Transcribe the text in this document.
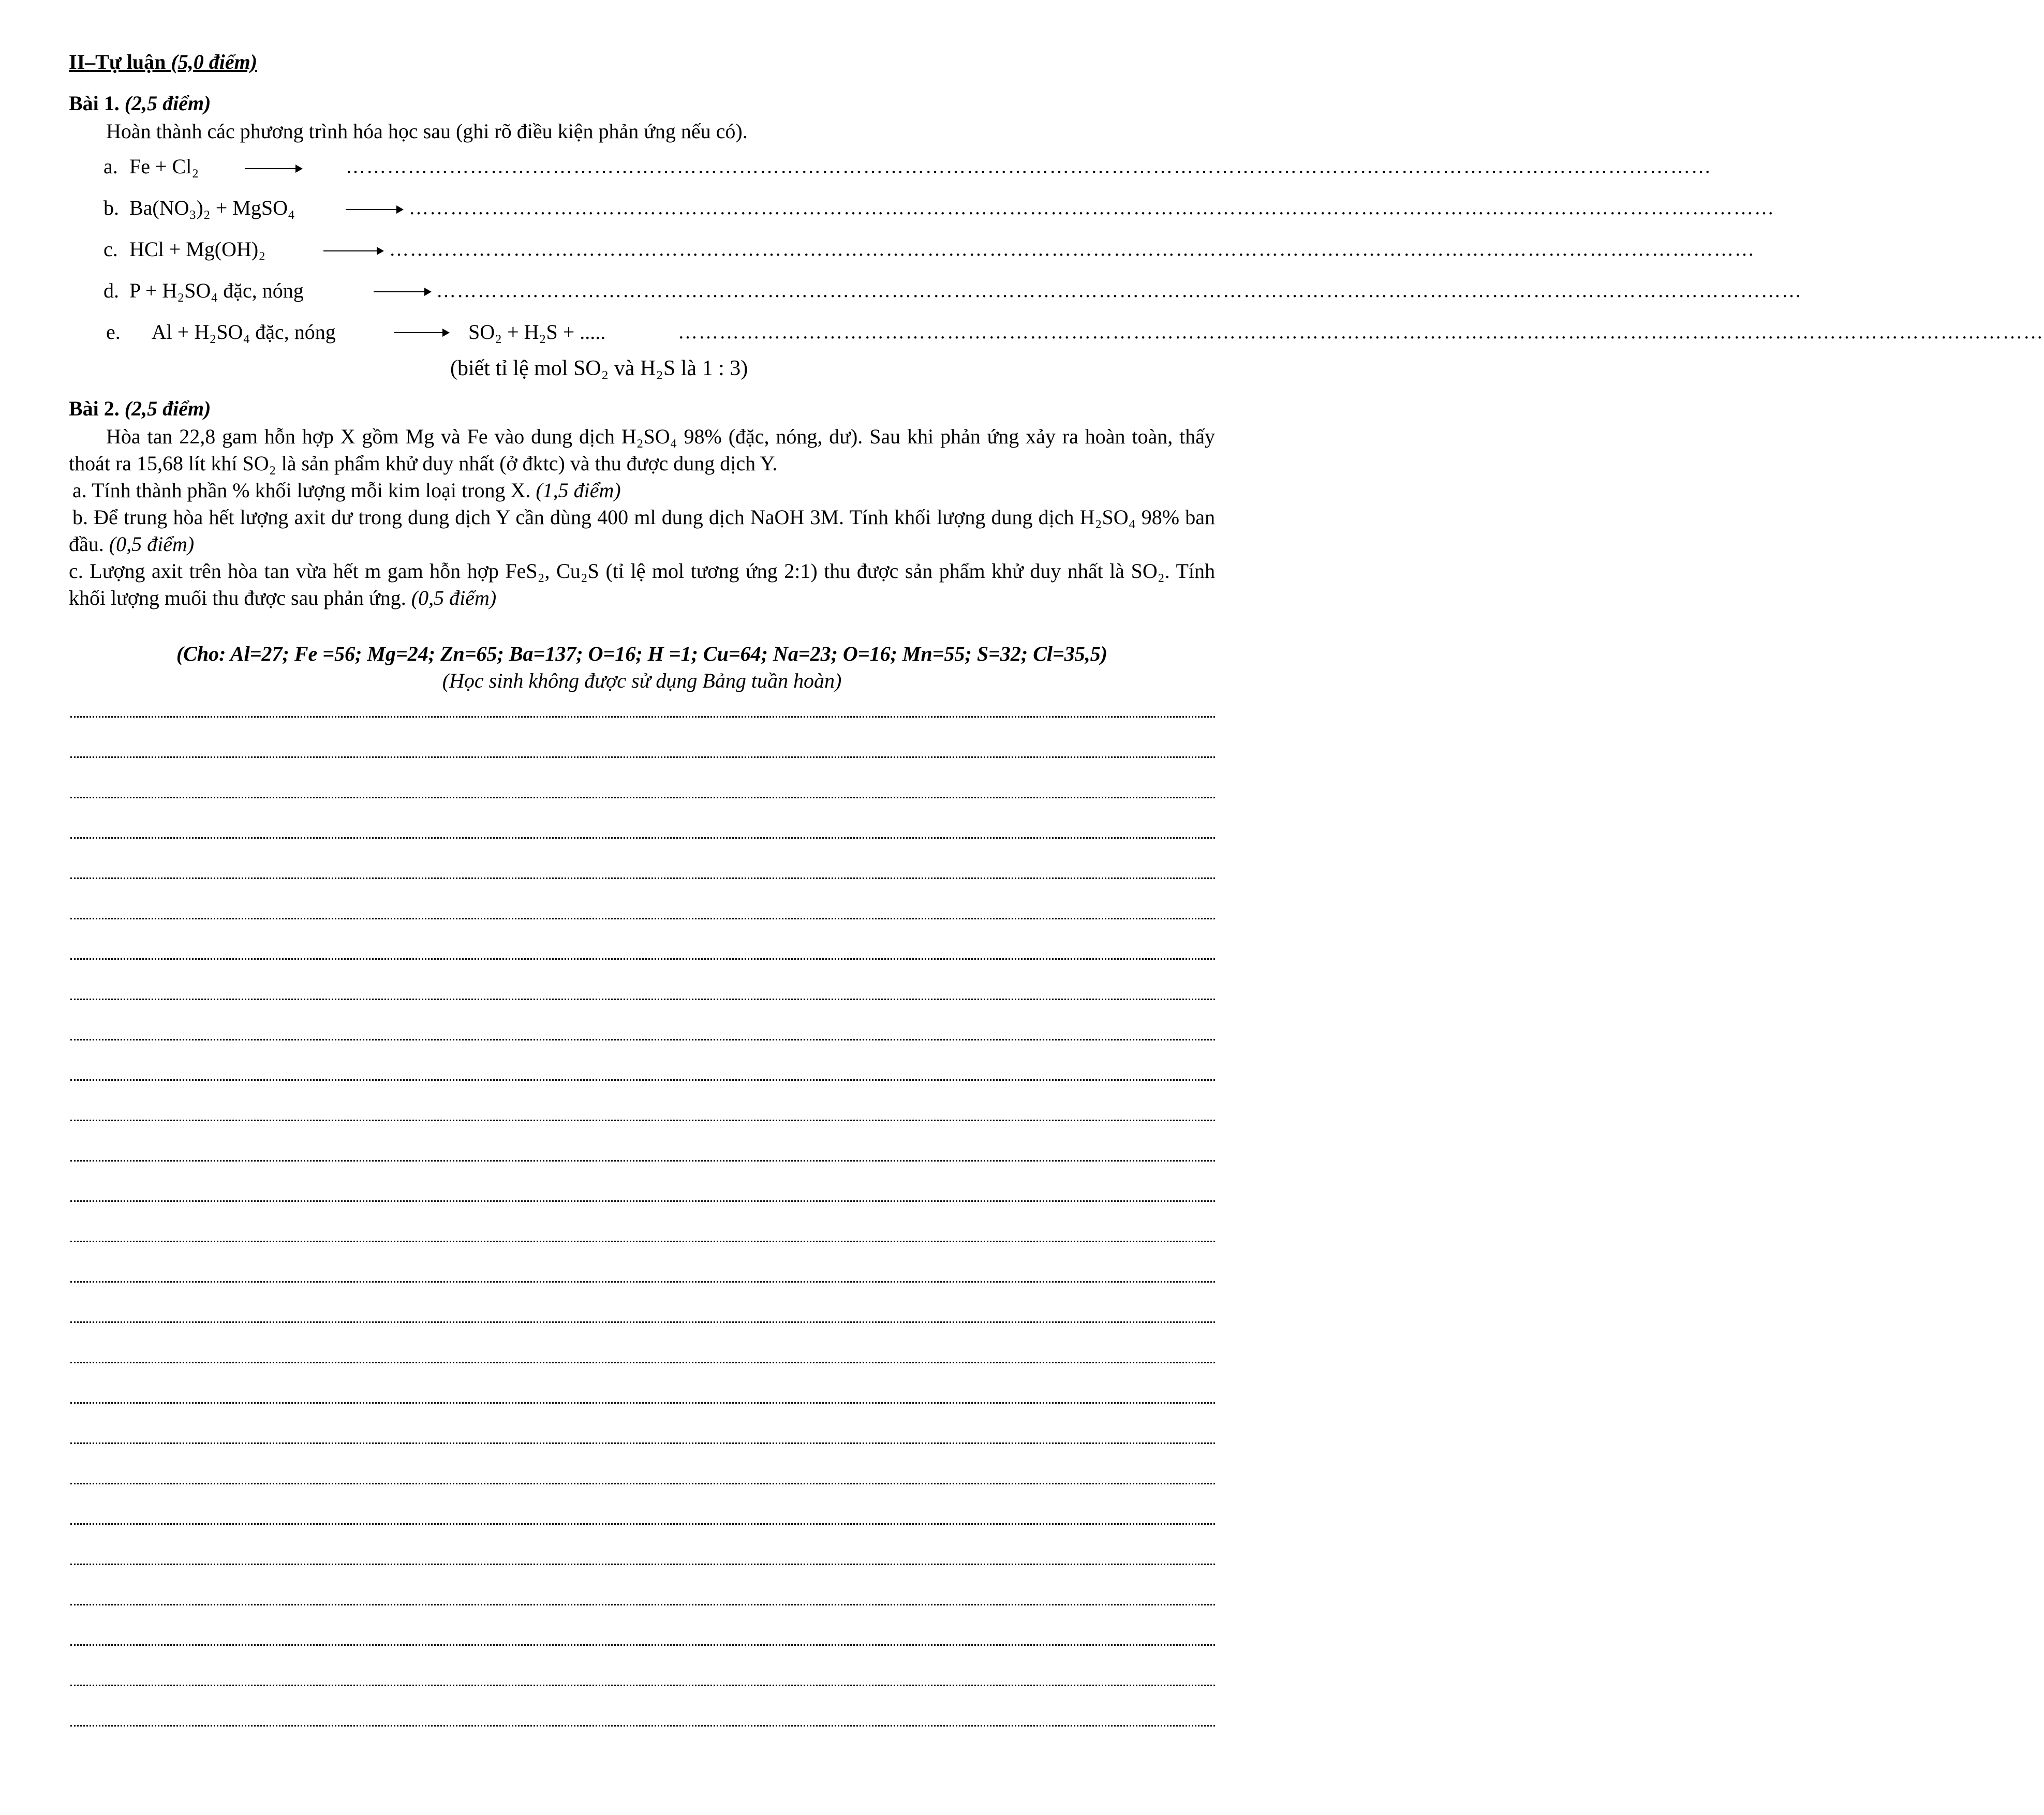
II–Tự luận (5,0 điểm)
Bài 1. (2,5 điểm)
Hoàn thành các phương trình hóa học sau (ghi rõ điều kiện phản ứng nếu có).
a. Fe + Cl₂	………………………………………………………………………………………………………………………………………………………………………………
b. Ba(NO₃)₂ + MgSO₄	………………………………………………………………………………………………………………………………………………………………………………
c. HCl + Mg(OH)₂	………………………………………………………………………………………………………………………………………………………………………………
d. P + H₂SO₄ đặc, nóng	………………………………………………………………………………………………………………………………………………………………………………
e. Al + H₂SO₄ đặc, nóng	SO₂ + H₂S + .....	………………………………………………………………………………………………………………………………………………………………………………
(biết tỉ lệ mol SO₂ và H₂S là 1 : 3)
Bài 2. (2,5 điểm)
Hòa tan 22,8 gam hỗn hợp X gồm Mg và Fe vào dung dịch H₂SO₄ 98% (đặc, nóng, dư). Sau khi phản ứng xảy ra hoàn toàn, thấy thoát ra 15,68 lít khí SO₂ là sản phẩm khử duy nhất (ở đktc) và thu được dung dịch Y.
a. Tính thành phần % khối lượng mỗi kim loại trong X. (1,5 điểm)
b. Để trung hòa hết lượng axit dư trong dung dịch Y cần dùng 400 ml dung dịch NaOH 3M. Tính khối lượng dung dịch H₂SO₄ 98% ban đầu. (0,5 điểm)
c. Lượng axit trên hòa tan vừa hết m gam hỗn hợp FeS₂, Cu₂S (tỉ lệ mol tương ứng 2:1) thu được sản phẩm khử duy nhất là SO₂. Tính khối lượng muối thu được sau phản ứng. (0,5 điểm)
(Cho: Al=27; Fe =56; Mg=24; Zn=65; Ba=137; O=16; H =1; Cu=64; Na=23; O=16; Mn=55; S=32; Cl=35,5)
(Học sinh không được sử dụng Bảng tuần hoàn)
